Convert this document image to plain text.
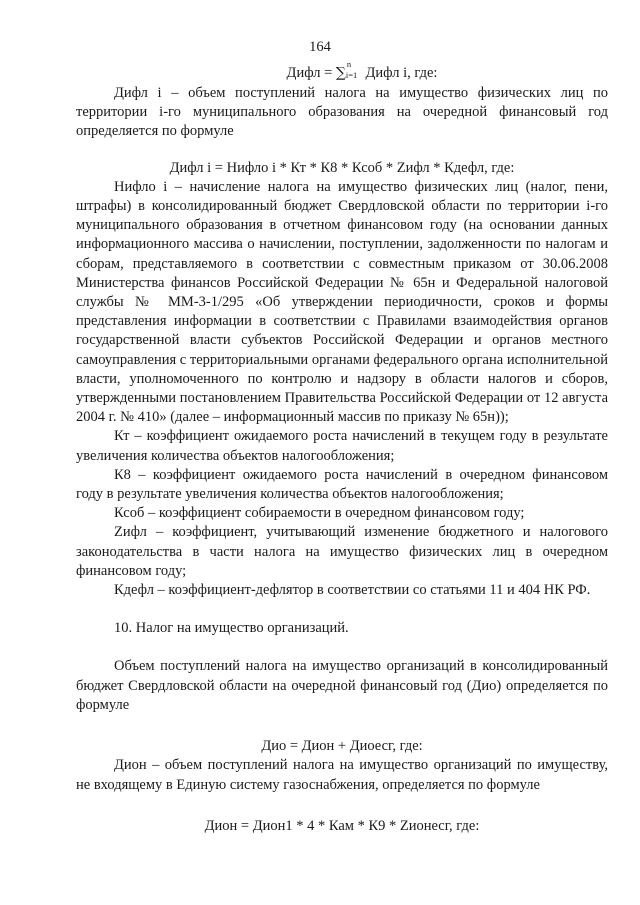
164
Дифл = ∑
n
i=1 Дифл i, где:

Дифл i – объем поступлений налога на имущество физических лиц по территории i-го муниципального образования на очередной финансовый год определяется по формуле

Дифл i = Нифло i * Кт * К8 * Ксоб * Zифл * Кдефл, где:

Нифло i – начисление налога на имущество физических лиц (налог, пени, штрафы) в консолидированный бюджет Свердловской области по территории i-го муниципального образования в отчетном финансовом году (на основании данных информационного массива о начислении, поступлении, задолженности по налогам и сборам, представляемого в соответствии с совместным приказом от 30.06.2008 Министерства финансов Российской Федерации № 65н и Федеральной налоговой службы № ММ-3-1/295 «Об утверждении периодичности, сроков и формы представления информации в соответствии с Правилами взаимодействия органов государственной власти субъектов Российской Федерации и органов местного самоуправления с территориальными органами федерального органа исполнительной власти, уполномоченного по контролю и надзору в области налогов и сборов, утвержденными постановлением Правительства Российской Федерации от 12 августа 2004 г. № 410» (далее – информационный массив по приказу № 65н));

Кт – коэффициент ожидаемого роста начислений в текущем году в результате увеличения количества объектов налогообложения;

К8 – коэффициент ожидаемого роста начислений в очередном финансовом году в результате увеличения количества объектов налогообложения;

Ксоб – коэффициент собираемости в очередном финансовом году;

Zифл – коэффициент, учитывающий изменение бюджетного и налогового законодательства в части налога на имущество физических лиц в очередном финансовом году;

Кдефл – коэффициент-дефлятор в соответствии со статьями 11 и 404 НК РФ.

10. Налог на имущество организаций.

Объем поступлений налога на имущество организаций в консолидированный бюджет Свердловской области на очередной финансовый год (Дио) определяется по формуле

Дио = Дион + Диоесг, где:

Дион – объем поступлений налога на имущество организаций по имуществу, не входящему в Единую систему газоснабжения, определяется по формуле

Дион = Дион1 * 4 * Кам * К9 * Zионесг, где:
